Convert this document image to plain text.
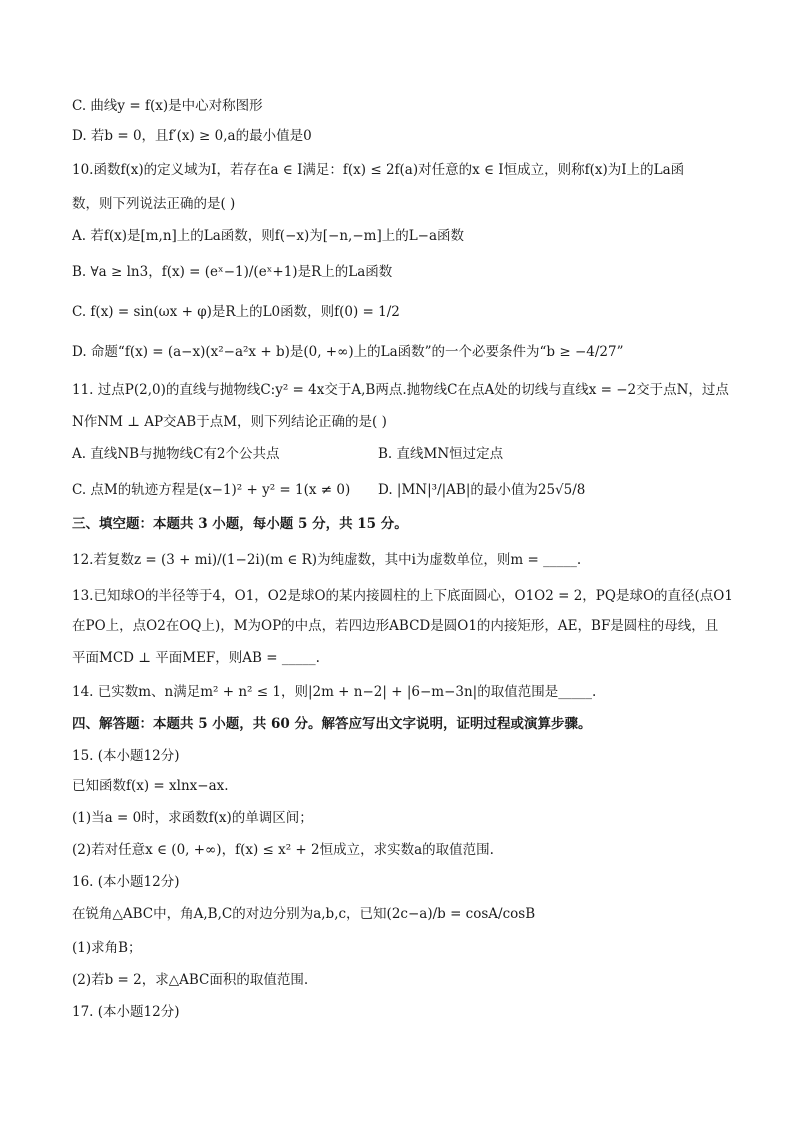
C. 曲线y = f(x)是中心对称图形
D. 若b = 0，且f′(x) ≥ 0,a的最小值是0
10.函数f(x)的定义域为I，若存在a ∈ I满足：f(x) ≤ 2f(a)对任意的x ∈ I恒成立，则称f(x)为I上的La函
数，则下列说法正确的是( )
A. 若f(x)是[m,n]上的La函数，则f(−x)为[−n,−m]上的L−a函数
B. ∀a ≥ ln3，f(x) = (eˣ−1)/(eˣ+1)是R上的La函数
C. f(x) = sin(ωx + φ)是R上的L0函数，则f(0) = 1/2
D. 命题“f(x) = (a−x)(x²−a²x + b)是(0, +∞)上的La函数”的一个必要条件为“b ≥ −4/27”
11. 过点P(2,0)的直线与抛物线C:y² = 4x交于A,B两点.抛物线C在点A处的切线与直线x = −2交于点N，过点
N作NM ⊥ AP交AB于点M，则下列结论正确的是( )
A. 直线NB与抛物线C有2个公共点	B. 直线MN恒过定点
C. 点M的轨迹方程是(x−1)² + y² = 1(x ≠ 0) D. |MN|³/|AB|的最小值为25√5/8
三、填空题：本题共 3 小题，每小题 5 分，共 15 分。
12.若复数z = (3 + mi)/(1−2i)(m ∈ R)为纯虚数，其中i为虚数单位，则m = _____.
13.已知球O的半径等于4，O1，O2是球O的某内接圆柱的上下底面圆心，O1O2 = 2，PQ是球O的直径(点O1
在PO上，点O2在OQ上)，M为OP的中点，若四边形ABCD是圆O1的内接矩形，AE，BF是圆柱的母线，且
平面MCD ⊥ 平面MEF，则AB = _____.
14. 已实数m、n满足m² + n² ≤ 1，则|2m + n−2| + |6−m−3n|的取值范围是_____.
四、解答题：本题共 5 小题，共 60 分。解答应写出文字说明，证明过程或演算步骤。
15. (本小题12分)
已知函数f(x) = xlnx−ax.
(1)当a = 0时，求函数f(x)的单调区间；
(2)若对任意x ∈ (0, +∞)，f(x) ≤ x² + 2恒成立，求实数a的取值范围.
16. (本小题12分)
在锐角△ABC中，角A,B,C的对边分别为a,b,c，已知(2c−a)/b = cosA/cosB
(1)求角B；
(2)若b = 2，求△ABC面积的取值范围.
17. (本小题12分)
